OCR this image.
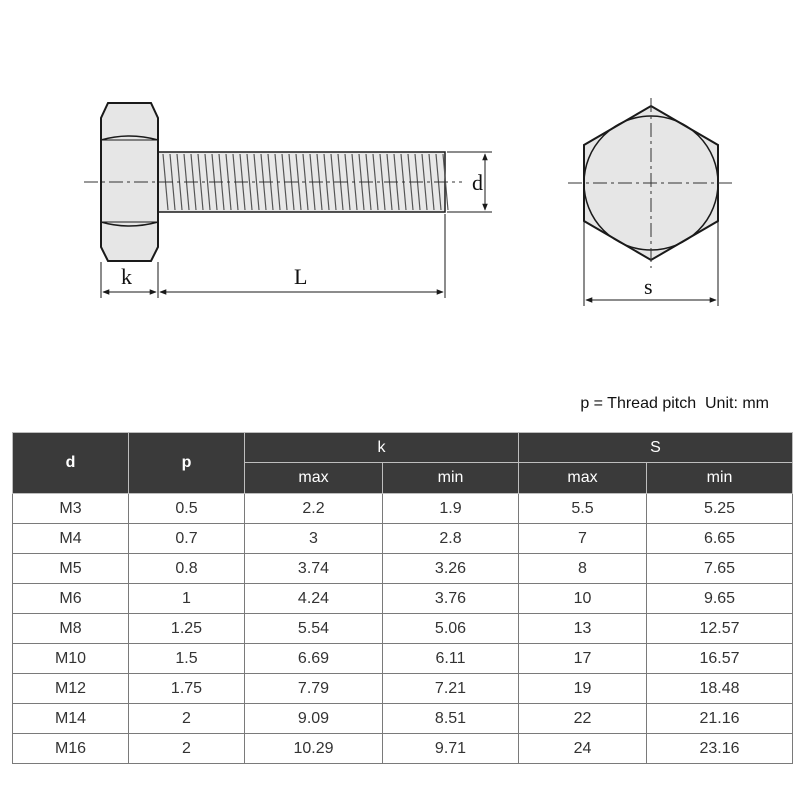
d
k	L	s
p = Thread pitch  Unit: mm
d	p	k		S	
		max	min	max	min
M3	0.5	2.2	1.9	5.5	5.25
M4	0.7	3	2.8	7	6.65
M5	0.8	3.74	3.26	8	7.65
M6	1	4.24	3.76	10	9.65
M8	1.25	5.54	5.06	13	12.57
M10	1.5	6.69	6.11	17	16.57
M12	1.75	7.79	7.21	19	18.48
M14	2	9.09	8.51	22	21.16
M16	2	10.29	9.71	24	23.16
